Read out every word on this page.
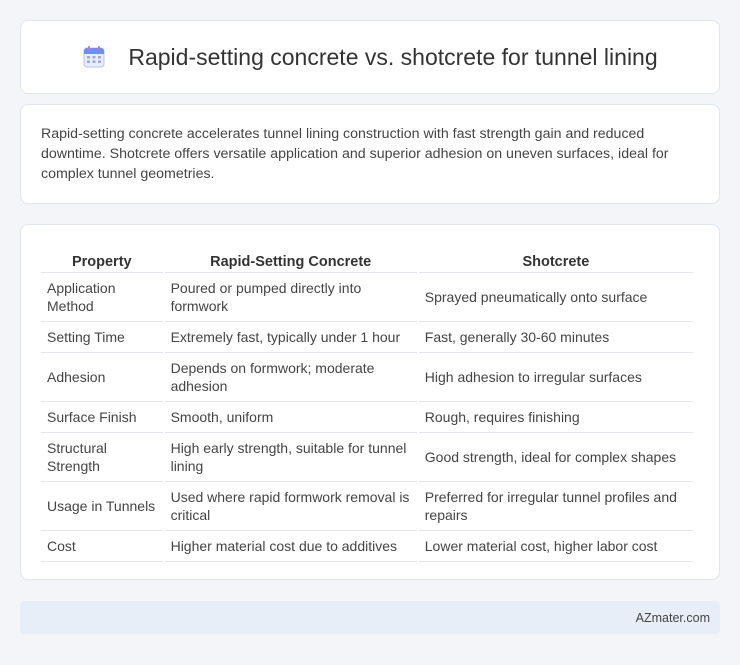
Rapid-setting concrete vs. shotcrete for tunnel lining

Rapid-setting concrete accelerates tunnel lining construction with fast strength gain and reduced downtime. Shotcrete offers versatile application and superior adhesion on uneven surfaces, ideal for complex tunnel geometries.

Property	Rapid-Setting Concrete	Shotcrete
Application Method	Poured or pumped directly into formwork	Sprayed pneumatically onto surface
Setting Time	Extremely fast, typically under 1 hour	Fast, generally 30-60 minutes
Adhesion	Depends on formwork; moderate adhesion	High adhesion to irregular surfaces
Surface Finish	Smooth, uniform	Rough, requires finishing
Structural Strength	High early strength, suitable for tunnel lining	Good strength, ideal for complex shapes
Usage in Tunnels	Used where rapid formwork removal is critical	Preferred for irregular tunnel profiles and repairs
Cost	Higher material cost due to additives	Lower material cost, higher labor cost
AZmater.com
